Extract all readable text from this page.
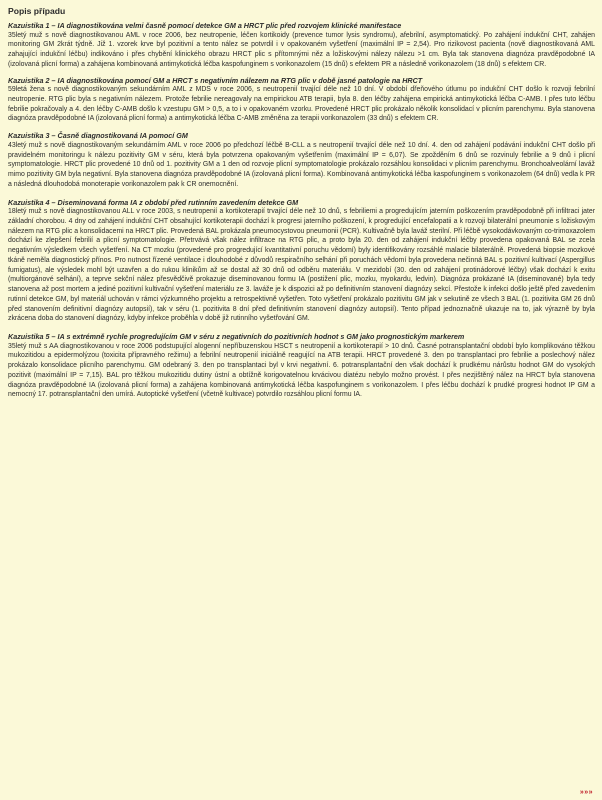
Popis případu
Kazuistika 1 – IA diagnostikována velmi časně pomocí detekce GM a HRCT plic před rozvojem klinické manifestace
35letý muž s nově diagnostikovanou AML v roce 2006, bez neutropenie, léčen kortikoidy (prevence tumor lysis syndromu), afebrilní, asymptomatický. Po zahájení indukční CHT, zahájen monitoring GM 2krát týdně. Již 1. vzorek krve byl pozitivní a tento nález se potvrdil i v opakovaném vyšetření (maximální IP = 2,54). Pro rizikovost pacienta (nově diagnostikovaná AML zahajující indukční léčbu) indikováno i přes chybění klinického obrazu HRCT plic s přítomnými něz a ložiskovými nálezy nálezu >1 cm. Byla tak stanovena diagnóza pravděpodobné IA (izolovaná plicní forma) a zahájena kombinovaná antimykotická léčba kaspofunginem s vorikonazolem (15 dnů) s efektem PR a následně vorikonazolem (18 dnů) s efektem CR.
Kazuistika 2 – IA diagnostikována pomocí GM a HRCT s negativním nálezem na RTG plic v době jasné patologie na HRCT
59letá žena s nově diagnostikovaným sekundárním AML z MDS v roce 2006, s neutropenií trvající déle než 10 dní. V období dřeňového útlumu po indukční CHT došlo k rozvoji febrilní neutropenie. RTG plic byla s negativním nálezem. Protože febrilie nereagovaly na empirickou ATB terapii, byla 8. den léčby zahájena empirická antimykotická léčba C-AMB. I přes tuto léčbu febrilie pokračovaly a 4. den léčby C-AMB došlo k vzestupu GM > 0,5, a to i v opakovaném vzorku. Provedené HRCT plic prokázalo několik konsolidací v plicním parenchymu. Byla stanovena diagnóza pravděpodobné IA (izolovaná plicní forma) a antimykotická léčba C-AMB změněna za terapii vorikonazolem (33 dnů) s efektem CR.
Kazuistika 3 – Časně diagnostikovaná IA pomocí GM
43letý muž s nově diagnostikovaným sekundárním AML v roce 2006 po předchozí léčbě B-CLL a s neutropenií trvající déle než 10 dní. 4. den od zahájení podávání indukční CHT došlo při pravidelném monitoringu k nálezu pozitivity GM v séru, která byla potvrzena opakovaným vyšetřením (maximální IP = 6,07). Se zpožděním 6 dnů se rozvinuly febrilie a 9 dnů i plicní symptomatologie. HRCT plic provedené 10 dnů od 1. pozitivity GM a 1 den od rozvoje plicní symptomatologie prokázalo rozsáhlou konsolidaci v plicním parenchymu. Bronchoalveolární laváž mimo pozitivity GM byla negativní. Byla stanovena diagnóza pravděpodobné IA (izolovaná plicní forma). Kombinovaná antimykotická léčba kaspofunginem s vorikonazolem (64 dnů) vedla k PR a následná dlouhodobá monoterapie vorikonazolem pak k CR onemocnění.
Kazuistika 4 – Diseminovaná forma IA z období před rutinním zavedením detekce GM
18letý muž s nově diagnostikovanou ALL v roce 2003, s neutropenií a kortikoterapií trvající déle než 10 dnů, s febriliemi a progredujícím jaterním poškozením pravděpodobně při infiltraci jater základní chorobou. 4 dny od zahájení indukční CHT obsahující kortikoterapii dochází k progresi jaterního poškození, k progredující encefalopatii a k rozvoji bilaterální pneumonie s ložiskovým nálezem na RTG plic a konsolidacemi na HRCT plic. Provedená BAL prokázala pneumocystovou pneumonii (PCR). Kultivačně byla laváž sterilní. Při léčbě vysokodávkovaným co-trimoxazolem dochází ke zlepšení febrilií a plicní symptomatologie. Přetrvává však nález infiltrace na RTG plic, a proto byla 20. den od zahájení indukční léčby provedena opakovaná BAL se zcela negativním výsledkem všech vyšetření. Na CT mozku (provedené pro progredující kvantitativní poruchu vědomí) byly identifikovány rozsáhlé malacie bilaterálně. Provedená biopsie mozkové tkáně neměla diagnostický přínos. Pro nutnost řízené ventilace i dlouhodobé z důvodů respiračního selhání při poruchách vědomí byla provedena nečinná BAL s pozitivní kultivací (Aspergillus fumigatus), ale výsledek mohl být uzavřen a do rukou klinikům až se dostal až 30 dnů od odběru materiálu. V mezidobí (30. den od zahájení protinádorové léčby) však dochází k exitu (multiorgánové selhání), a teprve sekční nález přesvědčivě prokazuje diseminovanou formu IA (postižení plic, mozku, myokardu, ledvin). Diagnóza prokázané IA (diseminované) byla tedy stanovena až post mortem a jediné pozitivní kultivační vyšetření materiálu ze 3. laváže je k dispozici až po definitivním stanovení diagnózy sekcí. Přestože k infekci došlo ještě před zavedením rutinní detekce GM, byl materiál uchován v rámci výzkumného projektu a retrospektivně vyšetřen. Toto vyšetření prokázalo pozitivitu GM jak v sekutině ze všech 3 BAL (1. pozitivita GM 26 dnů před stanovením definitivní diagnózy autopsií), tak v séru (1. pozitivita 8 dní před definitivním stanovení diagnózy autopsií). Tento případ jednoznačně ukazuje na to, jak výrazně by byla zkrácena doba do stanovení diagnózy, kdyby infekce proběhla v době již rutinního vyšetřování GM.
Kazuistika 5 – IA s extrémně rychle progredujícím GM v séru z negativních do pozitivních hodnot s GM jako prognostickým markerem
35letý muž s AA diagnostikovanou v roce 2006 podstupující alogenní nepříbuzenskou HSCT s neutropenií a kortikoterapií > 10 dnů. Časné potransplantační období bylo komplikováno těžkou mukozitidou a epidermolýzou (toxicita přípravného režimu) a febrilní neutropenií iniciálně reagující na ATB terapii. HRCT provedené 3. den po transplantaci pro febrilie a poslechový nález prokázalo konsolidace plicního parenchymu. GM odebraný 3. den po transplantaci byl v krvi negativní. 6. potransplantační den však dochází k prudkému nárůstu hodnot GM do vysokých pozitivit (maximální IP = 7,15). BAL pro těžkou mukozitidu dutiny ústní a obtížně korigovatelnou krvácivou diatézu nebylo možno provést. I přes nezjištěný nález na HRCT byla stanovena diagnóza pravděpodobné IA (izolovaná plicní forma) a zahájena kombinovaná antimykotická léčba kaspofunginem s vorikonazolem. I přes léčbu dochází k prudké progresi hodnot IP GM a nemocný 17. potransplantační den umírá. Autoptické vyšetření (včetně kultivace) potvrdilo rozsáhlou plicní formu IA.
»»»
